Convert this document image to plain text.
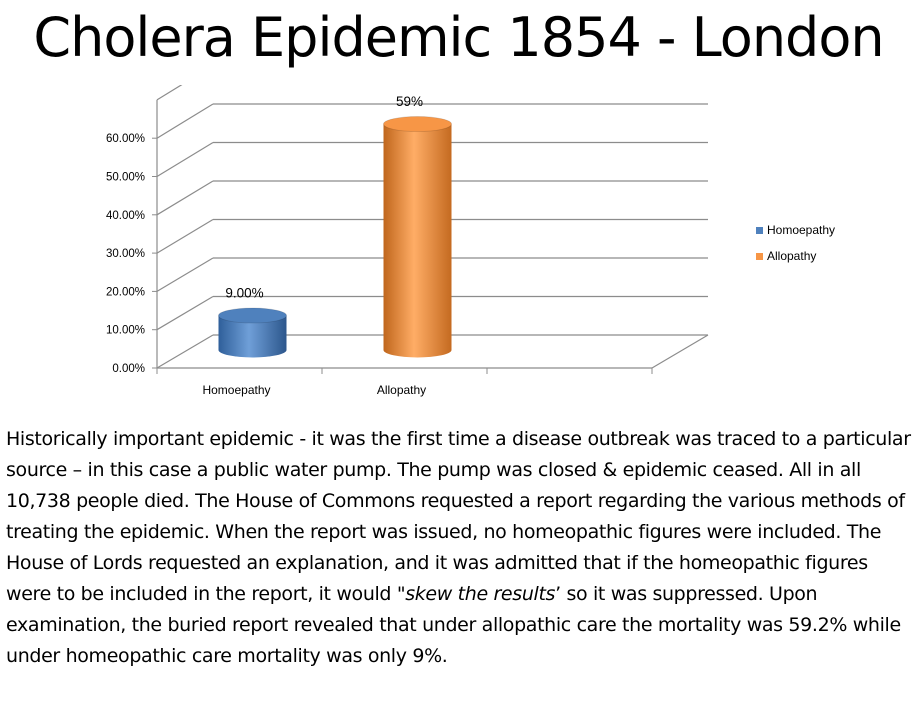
Cholera Epidemic 1854 - London
0.00%
10.00%
20.00%
30.00%
40.00%
50.00%
60.00%
Homoepathy	Allopathy
9.00%
59%
Homoepathy
Allopathy
Historically important epidemic - it was the first time a disease outbreak was traced to a particular source – in this case a public water pump. The pump was closed & epidemic ceased. All in all 10,738 people died. The House of Commons requested a report regarding the various methods of treating the epidemic. When the report was issued, no homeopathic figures were included. The House of Lords requested an explanation, and it was admitted that if the homeopathic figures were to be included in the report, it would "skew the results’ so it was suppressed. Upon examination, the buried report revealed that under allopathic care the mortality was 59.2% while under homeopathic care mortality was only 9%.
